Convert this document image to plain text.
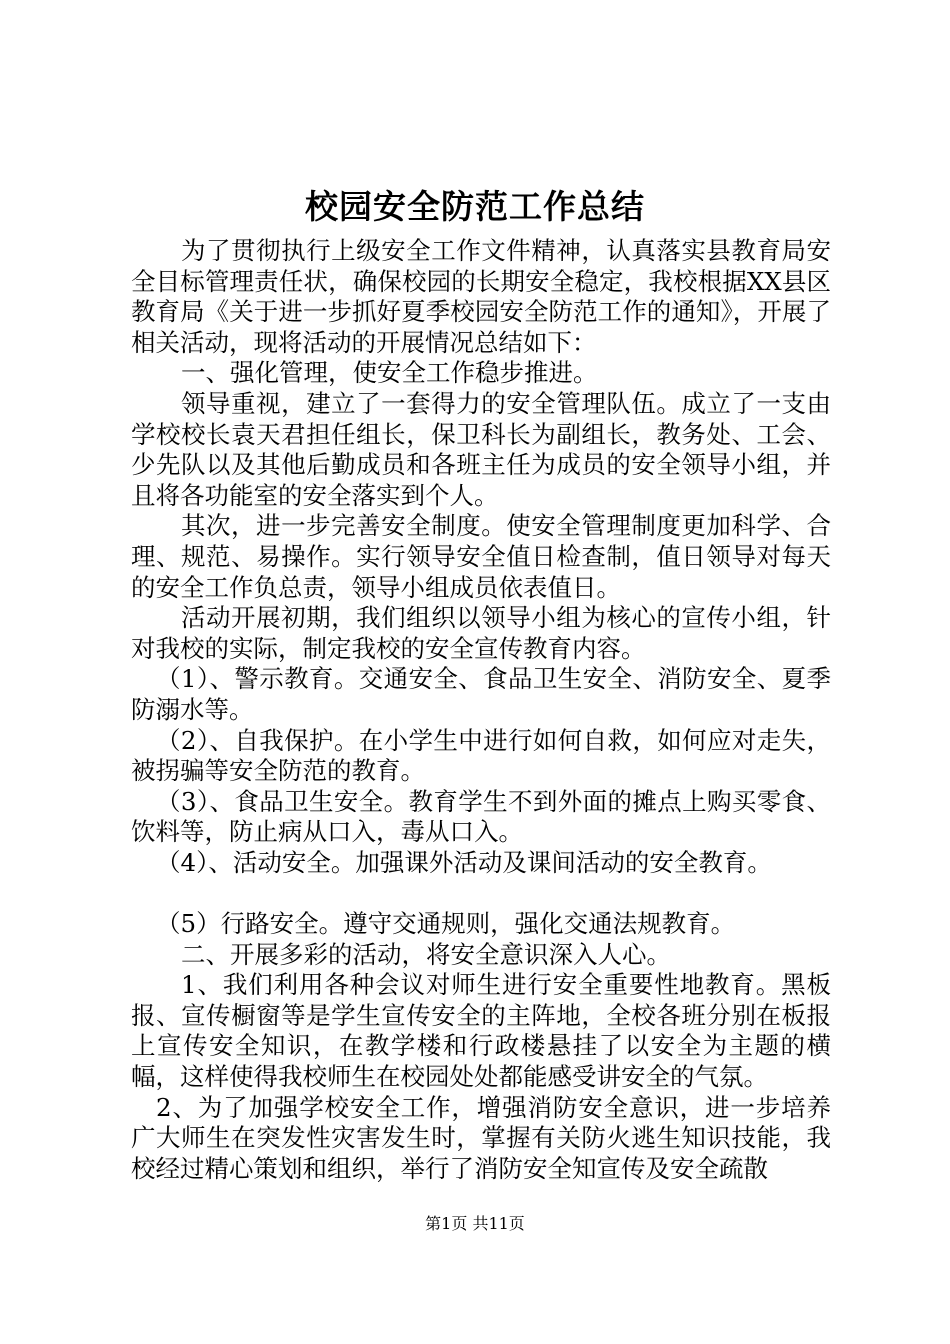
校园安全防范工作总结

为了贯彻执行上级安全工作文件精神，认真落实县教育局安全目标管理责任状，确保校园的长期安全稳定，我校根据XX县区教育局《关于进一步抓好夏季校园安全防范工作的通知》，开展了相关活动，现将活动的开展情况总结如下：

一、强化管理，使安全工作稳步推进。

领导重视，建立了一套得力的安全管理队伍。成立了一支由学校校长袁天君担任组长，保卫科长为副组长，教务处、工会、少先队以及其他后勤成员和各班主任为成员的安全领导小组，并且将各功能室的安全落实到个人。

其次，进一步完善安全制度。使安全管理制度更加科学、合理、规范、易操作。实行领导安全值日检查制，值日领导对每天的安全工作负总责，领导小组成员依表值日。

活动开展初期，我们组织以领导小组为核心的宣传小组，针对我校的实际，制定我校的安全宣传教育内容。

（1）、警示教育。交通安全、食品卫生安全、消防安全、夏季防溺水等。

（2）、自我保护。在小学生中进行如何自救，如何应对走失，被拐骗等安全防范的教育。

（3）、食品卫生安全。教育学生不到外面的摊点上购买零食、饮料等，防止病从口入，毒从口入。

（4）、活动安全。加强课外活动及课间活动的安全教育。

（5）行路安全。遵守交通规则，强化交通法规教育。

二、开展多彩的活动，将安全意识深入人心。

1、我们利用各种会议对师生进行安全重要性地教育。黑板报、宣传橱窗等是学生宣传安全的主阵地，全校各班分别在板报上宣传安全知识，在教学楼和行政楼悬挂了以安全为主题的横幅，这样使得我校师生在校园处处都能感受讲安全的气氛。

2、为了加强学校安全工作，增强消防安全意识，进一步培养广大师生在突发性灾害发生时，掌握有关防火逃生知识技能，我校经过精心策划和组织，举行了消防安全知宣传及安全疏散

第1页 共11页
